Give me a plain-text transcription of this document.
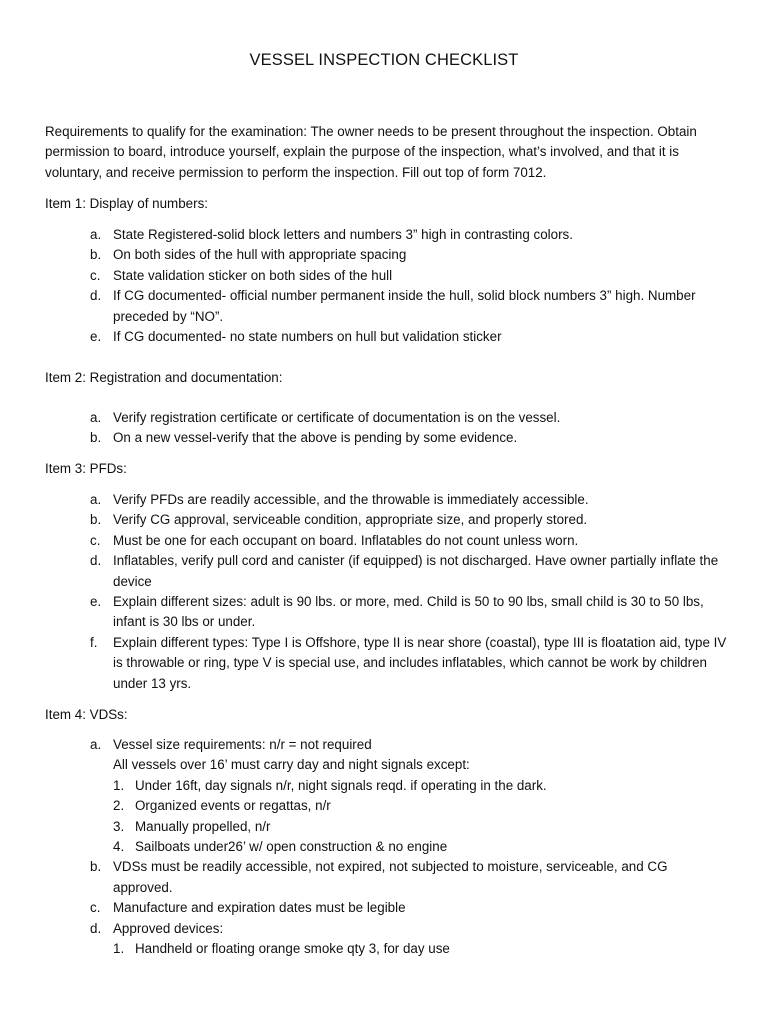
VESSEL INSPECTION CHECKLIST
Requirements to qualify for the examination: The owner needs to be present throughout the inspection. Obtain permission to board, introduce yourself, explain the purpose of the inspection, what’s involved, and that it is voluntary, and receive permission to perform the inspection. Fill out top of form 7012.
Item 1: Display of numbers:
a. State Registered-solid block letters and numbers 3” high in contrasting colors.
b. On both sides of the hull with appropriate spacing
c. State validation sticker on both sides of the hull
d. If CG documented- official number permanent inside the hull, solid block numbers 3” high. Number preceded by “NO”.
e. If CG documented- no state numbers on hull but validation sticker
Item 2: Registration and documentation:
a. Verify registration certificate or certificate of documentation is on the vessel.
b. On a new vessel-verify that the above is pending by some evidence.
Item 3: PFDs:
a. Verify PFDs are readily accessible, and the throwable is immediately accessible.
b. Verify CG approval, serviceable condition, appropriate size, and properly stored.
c. Must be one for each occupant on board. Inflatables do not count unless worn.
d. Inflatables, verify pull cord and canister (if equipped) is not discharged. Have owner partially inflate the device
e. Explain different sizes: adult is 90 lbs. or more, med. Child is 50 to 90 lbs, small child is 30 to 50 lbs, infant is 30 lbs or under.
f. Explain different types: Type I is Offshore, type II is near shore (coastal), type III is floatation aid, type IV is throwable or ring, type V is special use, and includes inflatables, which cannot be work by children under 13 yrs.
Item 4: VDSs:
a. Vessel size requirements: n/r = not required
All vessels over 16’ must carry day and night signals except:
1. Under 16ft, day signals n/r, night signals reqd. if operating in the dark.
2. Organized events or regattas, n/r
3. Manually propelled, n/r
4. Sailboats under26’ w/ open construction & no engine
b. VDSs must be readily accessible, not expired, not subjected to moisture, serviceable, and CG approved.
c. Manufacture and expiration dates must be legible
d. Approved devices:
1. Handheld or floating orange smoke qty 3, for day use
